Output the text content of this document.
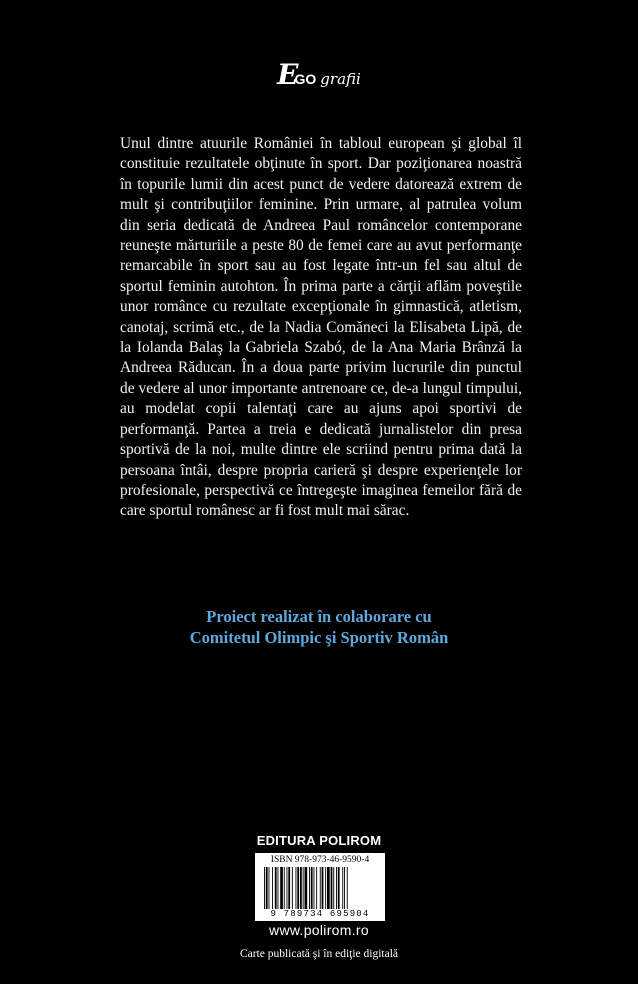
EGO grafii

Unul dintre atuurile României în tabloul european şi global îl constituie rezultatele obţinute în sport. Dar poziţionarea noastră în topurile lumii din acest punct de vedere datorează extrem de mult şi contribuţiilor feminine. Prin urmare, al patrulea volum din seria dedicată de Andreea Paul româncelor contemporane reuneşte mărturiile a peste 80 de femei care au avut performanţe remarcabile în sport sau au fost legate într-un fel sau altul de sportul feminin autohton. În prima parte a cărţii aflăm poveştile unor românce cu rezultate excepţionale în gimnastică, atletism, canotaj, scrimă etc., de la Nadia Comăneci la Elisabeta Lipă, de la Iolanda Balaş la Gabriela Szabó, de la Ana Maria Brânză la Andreea Răducan. În a doua parte privim lucrurile din punctul de vedere al unor importante antrenoare ce, de-a lungul timpului, au modelat copii talentaţi care au ajuns apoi sportivi de performanţă. Partea a treia e dedicată jurnalistelor din presa sportivă de la noi, multe dintre ele scriind pentru prima dată la persoana întâi, despre propria carieră şi despre experienţele lor profesionale, perspectivă ce întregeşte imaginea femeilor fără de care sportul românesc ar fi fost mult mai sărac.

Proiect realizat în colaborare cu
Comitetul Olimpic şi Sportiv Român
EDITURA POLIROM
ISBN 978-973-46-9590-4
9 789734 695904
www.polirom.ro
Carte publicată şi în ediţie digitală
